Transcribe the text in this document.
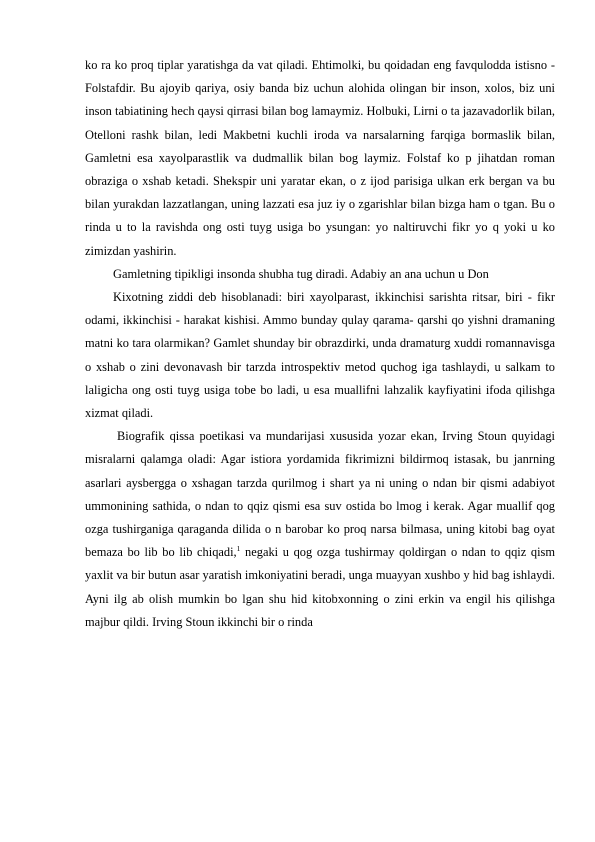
ko ra ko proq tiplar yaratishga da vat qiladi. Ehtimolki, bu qoidadan eng favqulodda istisno - Folstafdir. Bu ajoyib qariya, osiy banda biz uchun alohida olingan bir inson, xolos, biz uni inson tabiatining hech qaysi qirrasi bilan bog lamaymiz. Holbuki, Lirni o ta jazavadorlik bilan, Otelloni rashk bilan, ledi Makbetni kuchli iroda va narsalarning farqiga bormaslik bilan, Gamletni esa xayolparastlik va dudmallik bilan bog laymiz. Folstaf ko p jihatdan roman obraziga o xshab ketadi. Shekspir uni yaratar ekan, o z ijod parisiga ulkan erk bergan va bu bilan yurakdan lazzatlangan, uning lazzati esa juz iy o zgarishlar bilan bizga ham o tgan. Bu o rinda u to la ravishda ong osti tuyg usiga bo ysungan: yo naltiruvchi fikr yo q yoki u ko zimizdan yashirin.

Gamletning tipikligi insonda shubha tug diradi. Adabiy an ana uchun u Don

Kixotning ziddi deb hisoblanadi: biri xayolparast, ikkinchisi sarishta ritsar, biri - fikr odami, ikkinchisi - harakat kishisi. Ammo bunday qulay qarama- qarshi qo yishni dramaning matni ko tara olarmikan? Gamlet shunday bir obrazdirki, unda dramaturg xuddi romannavisga o xshab o zini devonavash bir tarzda introspektiv metod quchog iga tashlaydi, u salkam to laligicha ong osti tuyg usiga tobe bo ladi, u esa muallifni lahzalik kayfiyatini ifoda qilishga xizmat qiladi.

Biografik qissa poetikasi va mundarijasi xususida yozar ekan, Irving Stoun quyidagi misralarni qalamga oladi: Agar istiora yordamida fikrimizni bildirmoq istasak, bu janrning asarlari aysbergga o xshagan tarzda qurilmog i shart ya ni uning o ndan bir qismi adabiyot ummonining sathida, o ndan to qqiz qismi esa suv ostida bo lmog i kerak. Agar muallif qog ozga tushirganiga qaraganda dilida o n barobar ko proq narsa bilmasa, uning kitobi bag oyat bemaza bo lib bo lib chiqadi,$^1$ negaki u qog ozga tushirmay qoldirgan o ndan to qqiz qism yaxlit va bir butun asar yaratish imkoniyatini beradi, unga muayyan xushbo y hid bag ishlaydi. Ayni ilg ab olish mumkin bo lgan shu hid kitobxonning o zini erkin va engil his qilishga majbur qildi. Irving Stoun ikkinchi bir o rinda
